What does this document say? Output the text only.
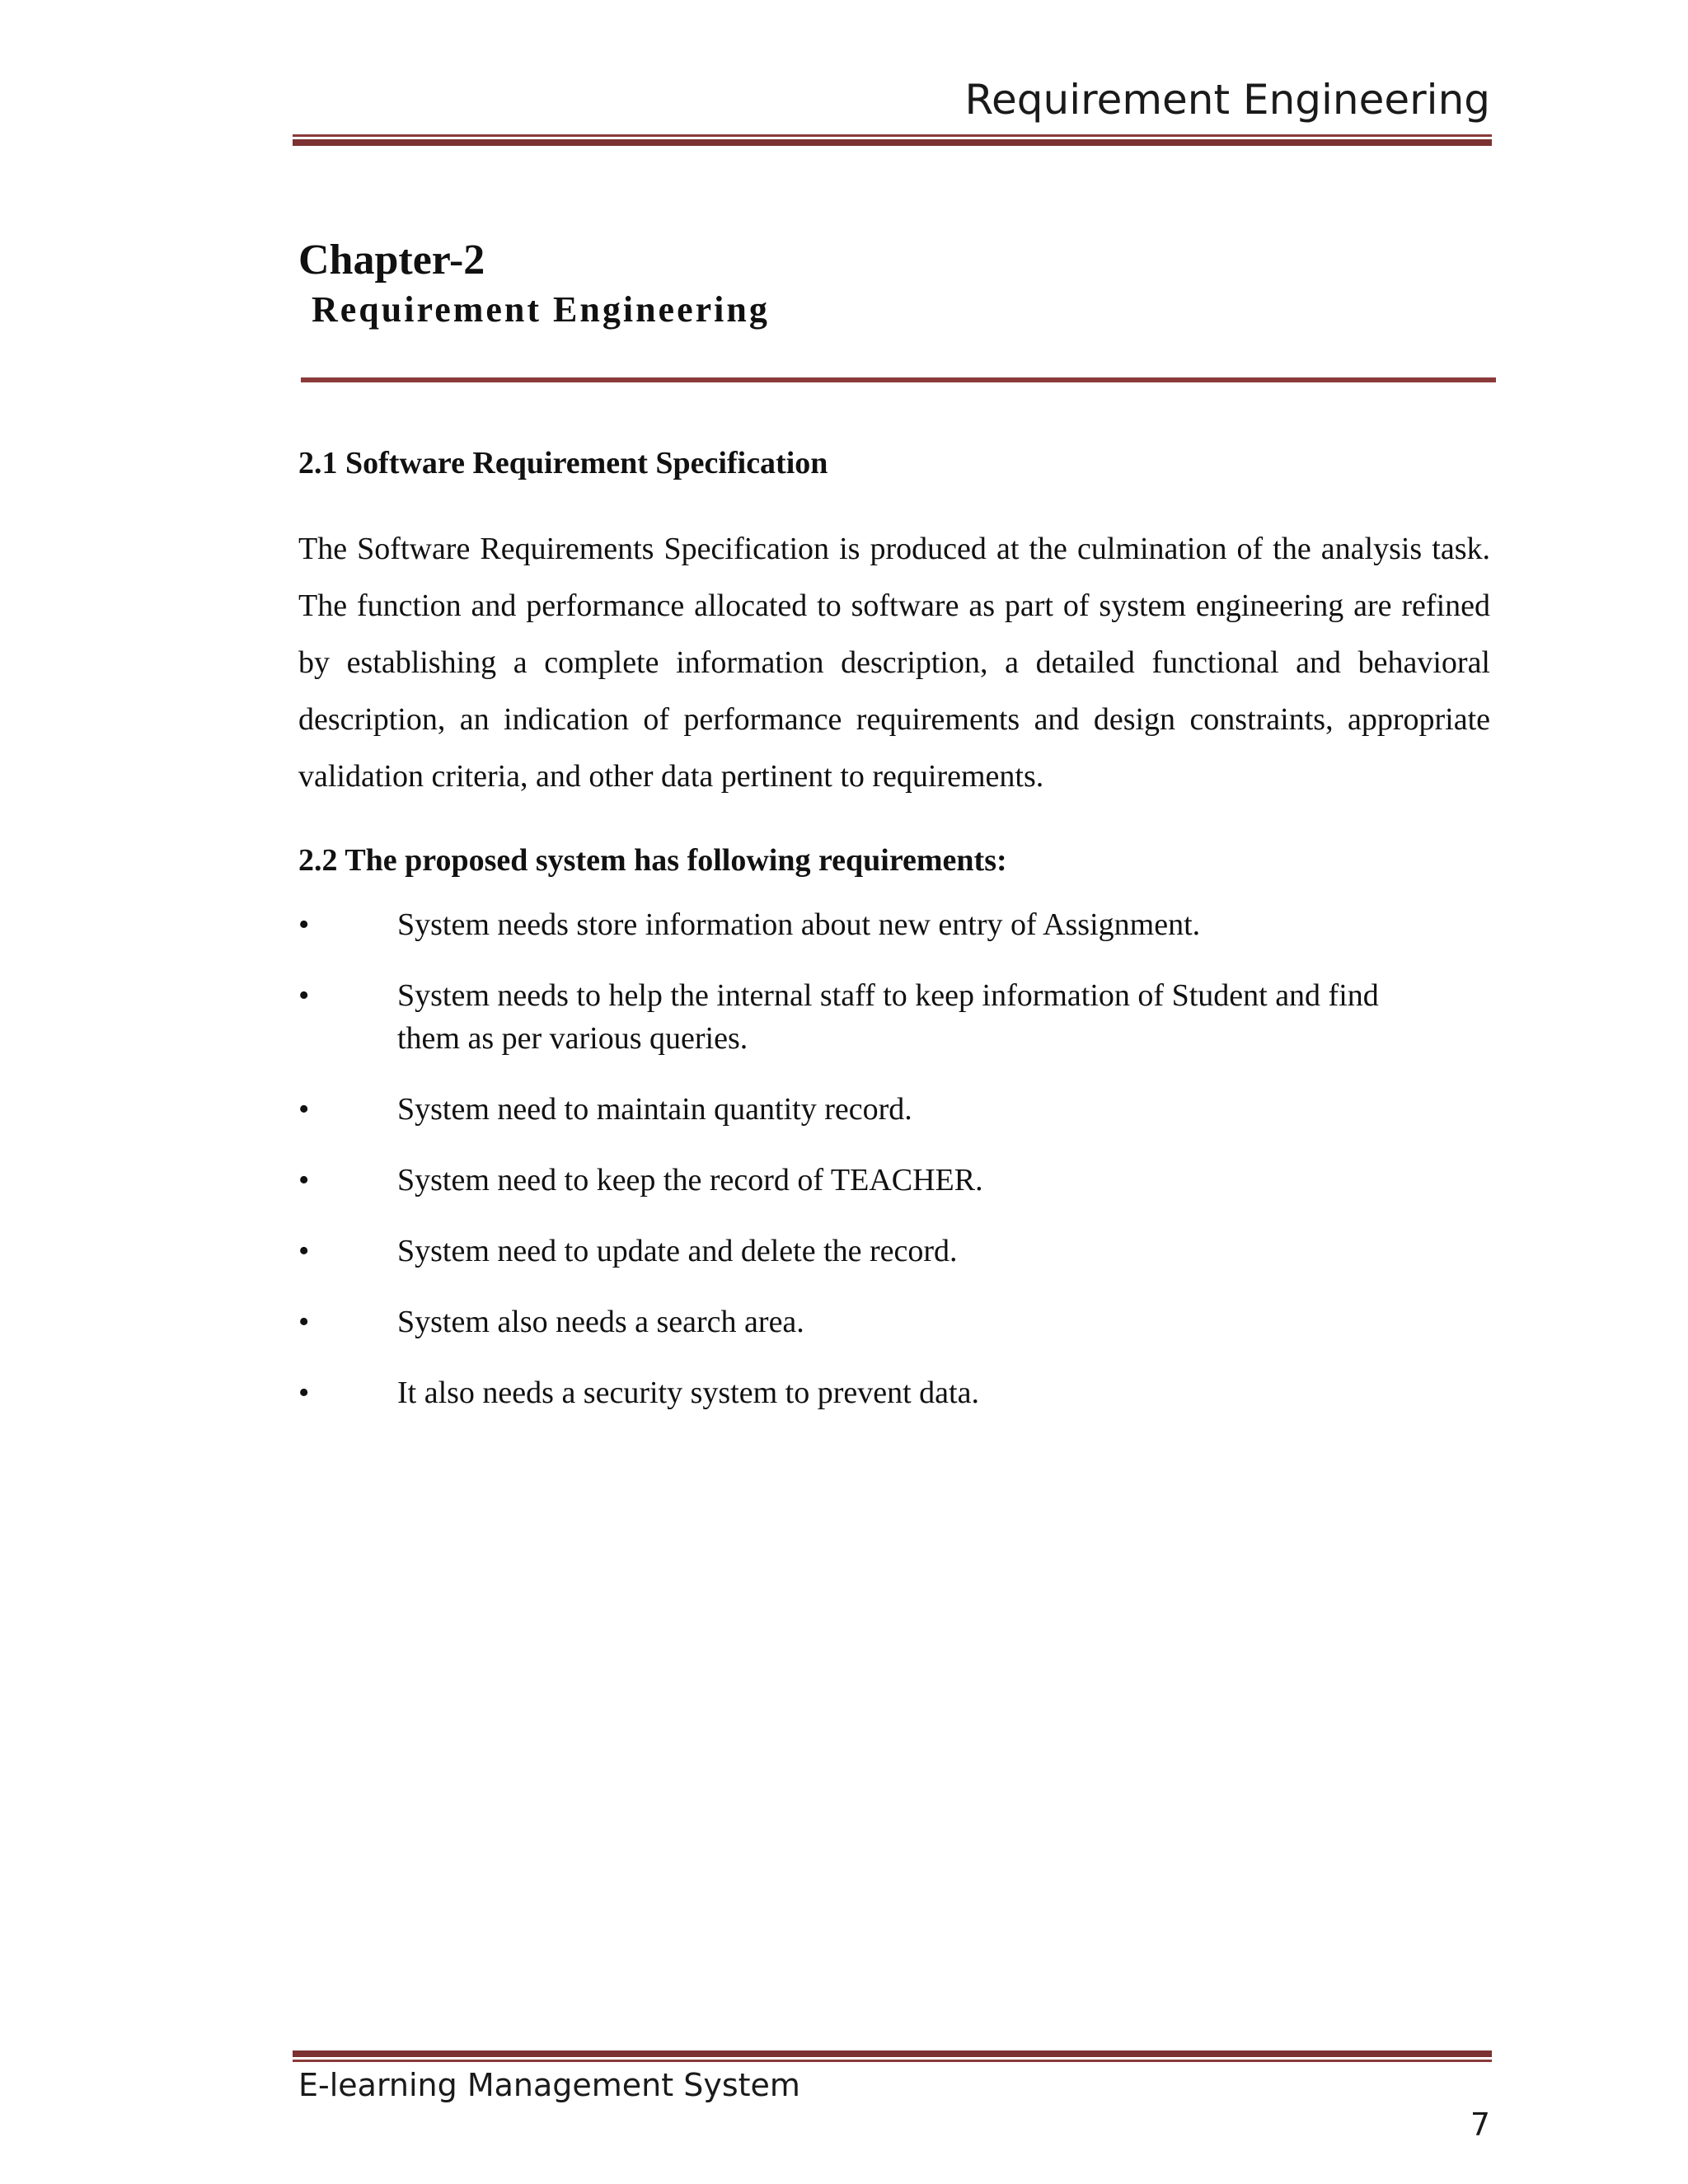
Requirement Engineering
Chapter-2
Requirement Engineering
2.1 Software Requirement Specification
The Software Requirements Specification is produced at the culmination of the analysis task. The function and performance allocated to software as part of system engineering are refined by establishing a complete information description, a detailed functional and behavioral description, an indication of performance requirements and design constraints, appropriate validation criteria, and other data pertinent to requirements.
2.2 The proposed system has following requirements:
•	System needs store information about new entry of Assignment.
•	System needs to help the internal staff to keep information of Student and find them as per various queries.
•	System need to maintain quantity record.
•	System need to keep the record of TEACHER.
•	System need to update and delete the record.
•	System also needs a search area.
•	It also needs a security system to prevent data.
E-learning Management System
7
